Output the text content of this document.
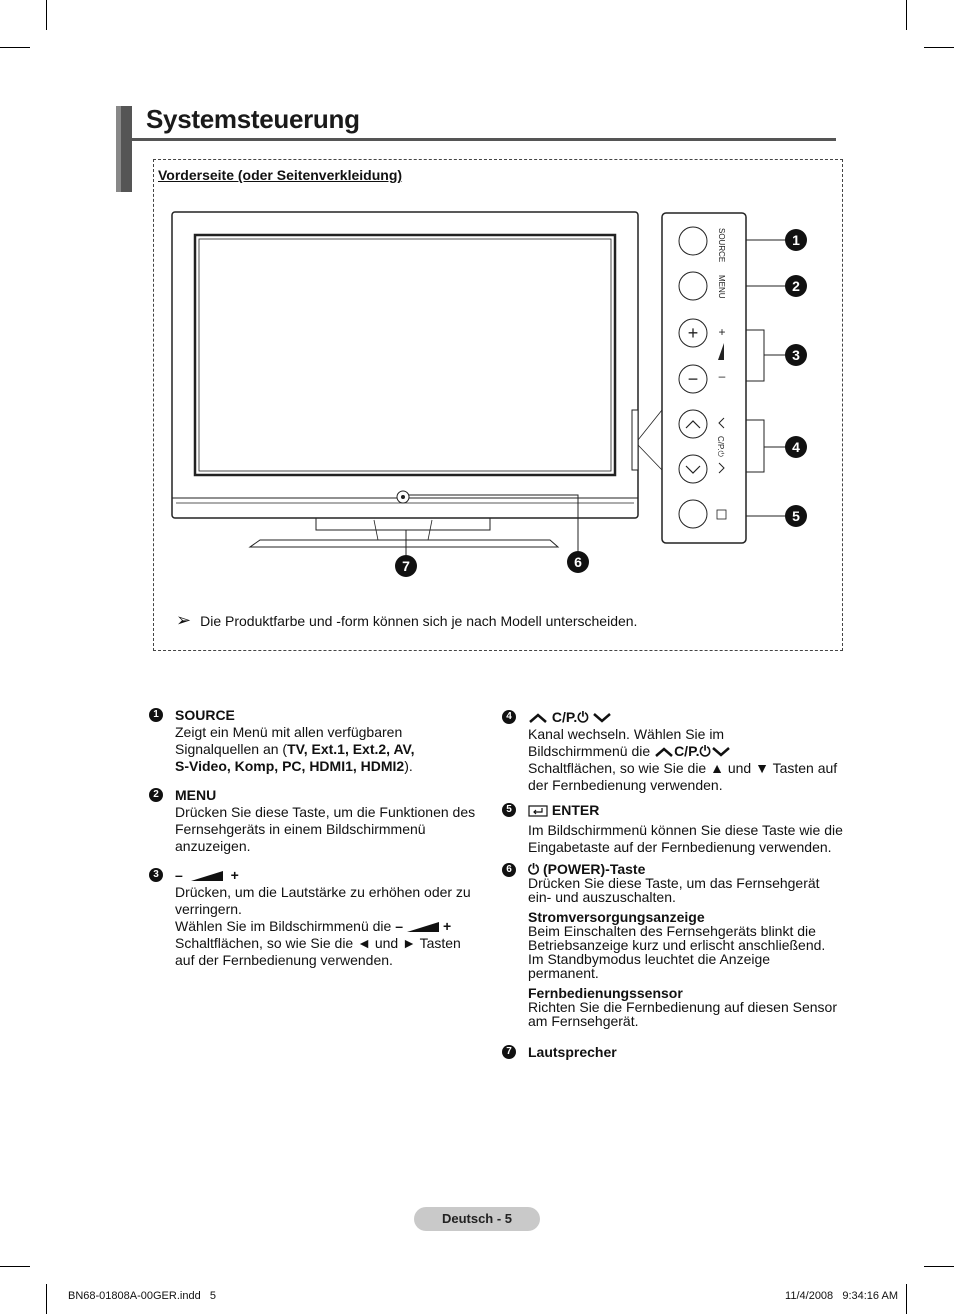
Systemsteuerung
Vorderseite (oder Seitenverkleidung)
+
−
SOURCE
MENU
+
–
C/P.⏻
1
2
3
4
5
6
7
➢ Die Produktfarbe und -form können sich je nach Modell unterscheiden.
1	SOURCE
Zeigt ein Menü mit allen verfügbaren
Signalquellen an (TV, Ext.1, Ext.2, AV,
S-Video, Komp, PC, HDMI1, HDMI2).
2	MENU
Drücken Sie diese Taste, um die Funktionen des Fernsehgeräts in einem Bildschirmmenü anzuzeigen.
3	–	+
Drücken, um die Lautstärke zu erhöhen oder zu verringern.
Wählen Sie im Bildschirmmenü die –	+
Schaltflächen, so wie Sie die ◄ und ► Tasten auf der Fernbedienung verwenden.
4	C/P.⏻
Kanal wechseln. Wählen Sie im
Bildschirmmenü die C/P.⏻
Schaltflächen, so wie Sie die ▲ und ▼ Tasten auf der Fernbedienung verwenden.
5	ENTER
Im Bildschirmmenü können Sie diese Taste wie die Eingabetaste auf der Fernbedienung verwenden.
6	⏻ (POWER)-Taste
Drücken Sie diese Taste, um das Fernsehgerät ein- und auszuschalten.
Stromversorgungsanzeige
Beim Einschalten des Fernsehgeräts blinkt die Betriebsanzeige kurz und erlischt anschließend. Im Standbymodus leuchtet die Anzeige permanent.
Fernbedienungssensor
Richten Sie die Fernbedienung auf diesen Sensor am Fernsehgerät.
7	Lautsprecher
Deutsch - 5
BN68-01808A-00GER.indd   5	11/4/2008   9:34:16 AM
